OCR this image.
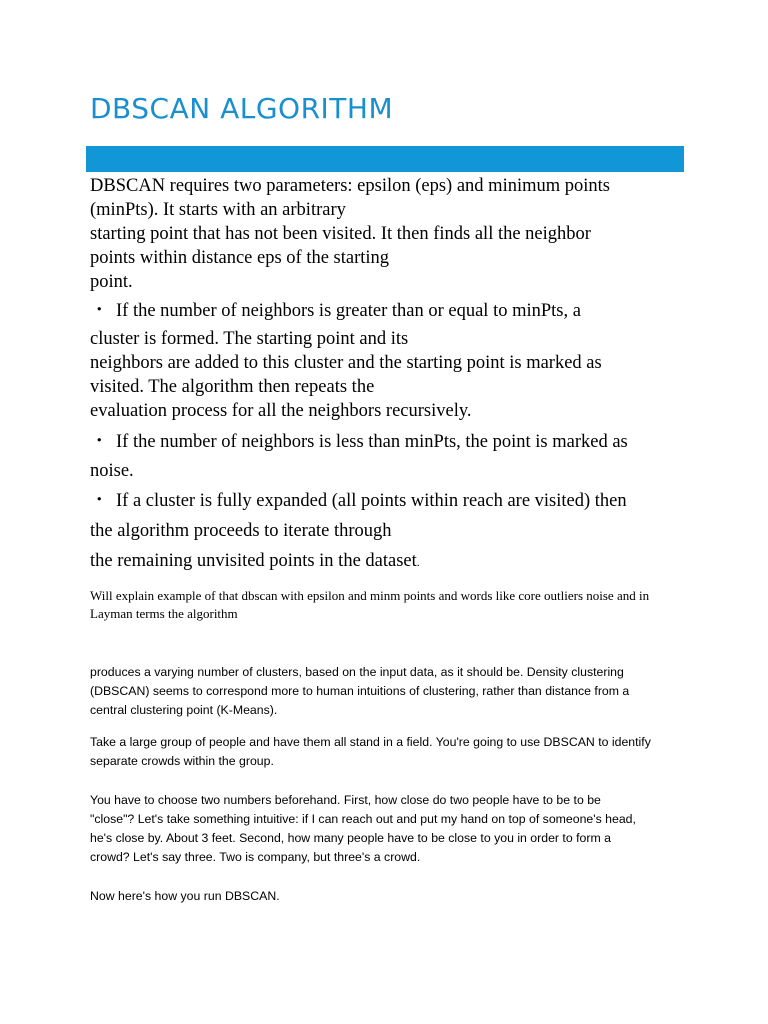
DBSCAN ALGORITHM
DBSCAN requires two parameters: epsilon (eps) and minimum points
(minPts). It starts with an arbitrary
starting point that has not been visited. It then finds all the neighbor
points within distance eps of the starting
point.
・ If the number of neighbors is greater than or equal to minPts, a
cluster is formed. The starting point and its
neighbors are added to this cluster and the starting point is marked as
visited. The algorithm then repeats the
evaluation process for all the neighbors recursively.
・ If the number of neighbors is less than minPts, the point is marked as
noise.
・ If a cluster is fully expanded (all points within reach are visited) then
the algorithm proceeds to iterate through
the remaining unvisited points in the dataset.
Will explain example of that dbscan with epsilon and minm points and words like core outliers noise and in
Layman terms the algorithm
produces a varying number of clusters, based on the input data, as it should be. Density clustering
(DBSCAN) seems to correspond more to human intuitions of clustering, rather than distance from a
central clustering point (K-Means).
Take a large group of people and have them all stand in a field. You're going to use DBSCAN to identify
separate crowds within the group.
You have to choose two numbers beforehand. First, how close do two people have to be to be
"close"? Let's take something intuitive: if I can reach out and put my hand on top of someone's head,
he's close by. About 3 feet. Second, how many people have to be close to you in order to form a
crowd? Let's say three. Two is company, but three's a crowd.
Now here's how you run DBSCAN.
